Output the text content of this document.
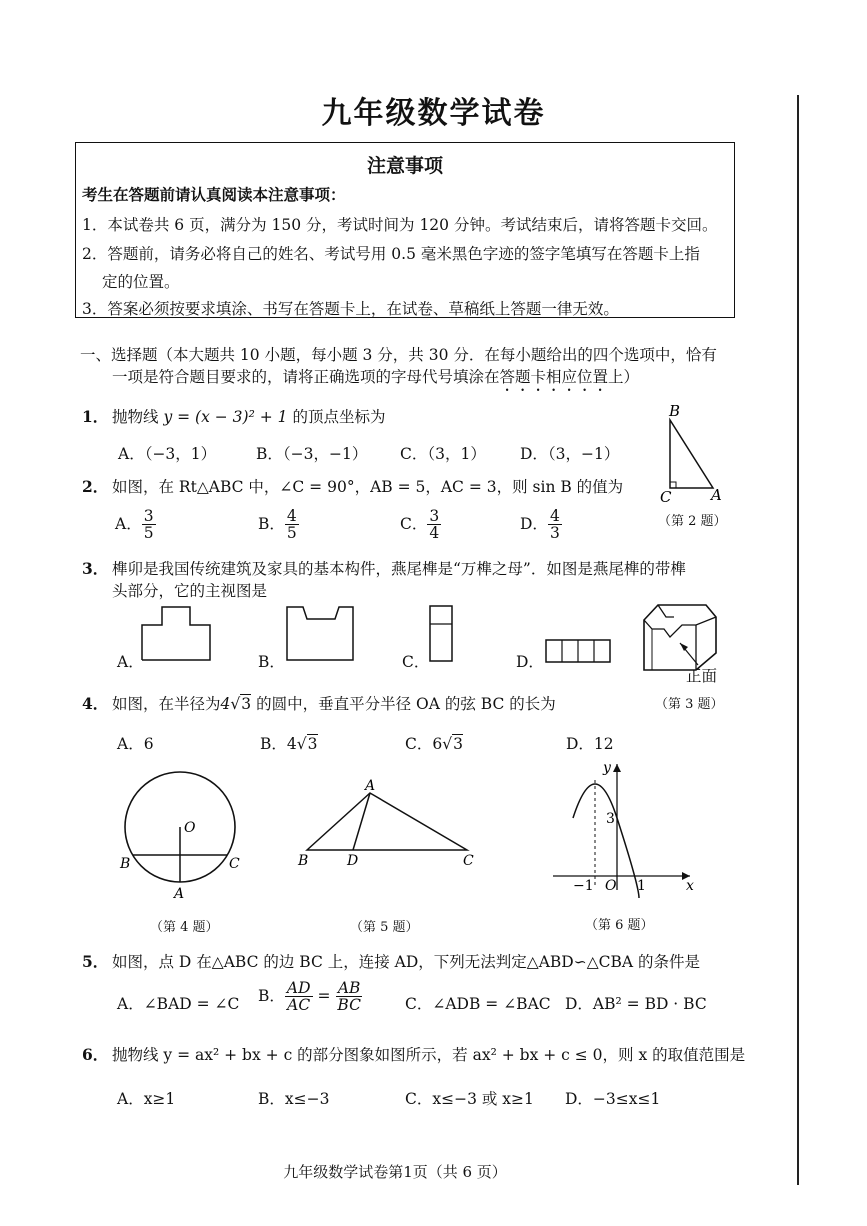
九年级数学试卷
注意事项
考生在答题前请认真阅读本注意事项：
1．本试卷共 6 页，满分为 150 分，考试时间为 120 分钟。考试结束后，请将答题卡交回。
2．答题前，请务必将自己的姓名、考试号用 0.5 毫米黑色字迹的签字笔填写在答题卡上指
定的位置。
3．答案必须按要求填涂、书写在答题卡上，在试卷、草稿纸上答题一律无效。
一、选择题（本大题共 10 小题，每小题 3 分，共 30 分．在每小题给出的四个选项中，恰有
一项是符合题目要求的，请将正确选项的字母代号填涂在答题卡相应位置上）
1． 抛物线 y = (x − 3)² + 1 的顶点坐标为
A．（−3，1）	B．（−3，−1） C．（3，1） D．（3，−1）
B
C	A
（第 2 题）
2． 如图，在 Rt△ABC 中，∠C = 90°，AB = 5，AC = 3，则 sin B 的值为
A． $\frac{3}{5}$	B． $\frac{4}{5}$	C． $\frac{3}{4}$	D． $\frac{4}{3}$
3． 榫卯是我国传统建筑及家具的基本构件，燕尾榫是“万榫之母”．如图是燕尾榫的带榫
头部分，它的主视图是
A．	B．	C．	D．
正面
（第 3 题）
4． 如图，在半径为4√3 的圆中，垂直平分半径 OA 的弦 BC 的长为
A．6	B．4√3	C．6√3	D．12
O
B	C
A
（第 4 题）
A
B	D	C
（第 5 题）
y
x
3
−1 O 1
（第 6 题）
5． 如图，点 D 在△ABC 的边 BC 上，连接 AD，下列无法判定△ABD∽△CBA 的条件是
A．∠BAD = ∠C B． $\frac{AD}{AC} = \frac{AB}{BC}$	C．∠ADB = ∠BAC D．AB² = BD · BC
6． 抛物线 y = ax² + bx + c 的部分图象如图所示，若 ax² + bx + c ≤ 0，则 x 的取值范围是
A．x≥1	B．x≤−3	C．x≤−3 或 x≥1 D．−3≤x≤1
九年级数学试卷第1页（共 6 页）
